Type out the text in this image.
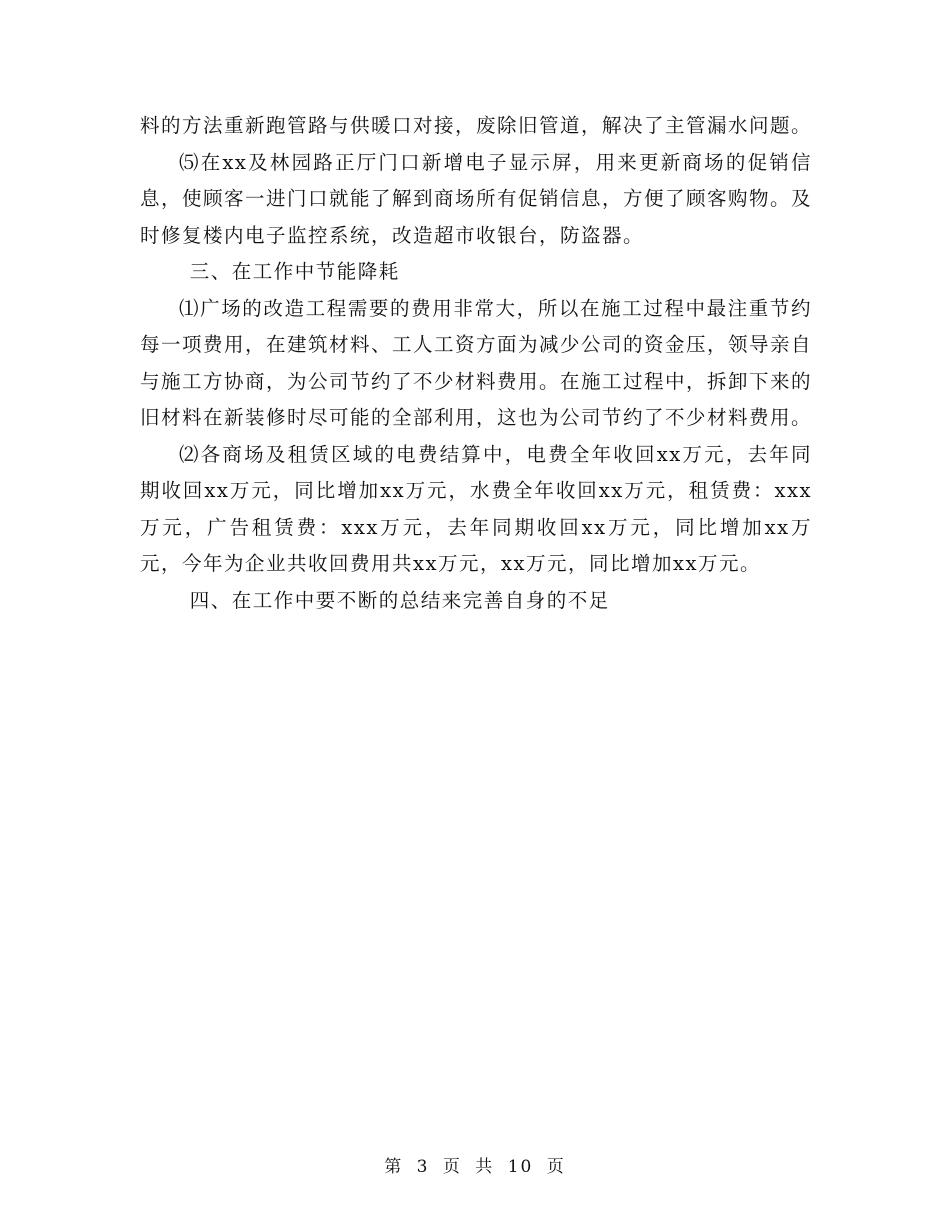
料的方法重新跑管路与供暖口对接，废除旧管道，解决了主管漏水问题。

⑸在xx及林园路正厅门口新增电子显示屏，用来更新商场的促销信息，使顾客一进门口就能了解到商场所有促销信息，方便了顾客购物。及时修复楼内电子监控系统，改造超市收银台，防盗器。

三、在工作中节能降耗

⑴广场的改造工程需要的费用非常大，所以在施工过程中最注重节约每一项费用，在建筑材料、工人工资方面为减少公司的资金压，领导亲自与施工方协商，为公司节约了不少材料费用。在施工过程中，拆卸下来的旧材料在新装修时尽可能的全部利用，这也为公司节约了不少材料费用。

⑵各商场及租赁区域的电费结算中，电费全年收回xx万元，去年同期收回xx万元，同比增加xx万元，水费全年收回xx万元，租赁费：xxx万元，广告租赁费：xxx万元，去年同期收回xx万元，同比增加xx万元，今年为企业共收回费用共xx万元，xx万元，同比增加xx万元。

四、在工作中要不断的总结来完善自身的不足

第 3 页 共 10 页
